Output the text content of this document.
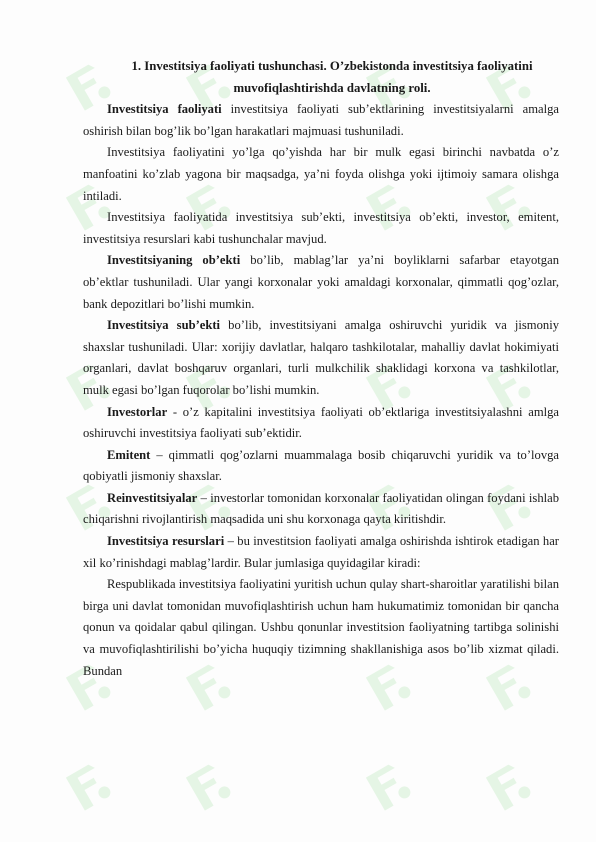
1. Investitsiya faoliyati tushunchasi. O’zbekistonda investitsiya faoliyatini
muvofiqlashtirishda davlatning roli.

Investitsiya faoliyati investitsiya faoliyati sub’ektlarining investitsiyalarni amalga oshirish bilan bog’lik bo’lgan harakatlari majmuasi tushuniladi.

Investitsiya faoliyatini yo’lga qo’yishda har bir mulk egasi birinchi navbatda o’z manfoatini ko’zlab yagona bir maqsadga, ya’ni foyda olishga yoki ijtimoiy samara olishga intiladi.

Investitsiya faoliyatida investitsiya sub’ekti, investitsiya ob’ekti, investor, emitent, investitsiya resurslari kabi tushunchalar mavjud.

Investitsiyaning ob’ekti bo’lib, mablag’lar ya’ni boyliklarni safarbar etayotgan ob’ektlar tushuniladi. Ular yangi korxonalar yoki amaldagi korxonalar, qimmatli qog’ozlar, bank depozitlari bo’lishi mumkin.

Investitsiya sub’ekti bo’lib, investitsiyani amalga oshiruvchi yuridik va jismoniy shaxslar tushuniladi. Ular: xorijiy davlatlar, halqaro tashkilotalar, mahalliy davlat hokimiyati organlari, davlat boshqaruv organlari, turli mulkchilik shaklidagi korxona va tashkilotlar, mulk egasi bo’lgan fuqorolar bo’lishi mumkin.

Investorlar - o’z kapitalini investitsiya faoliyati ob’ektlariga investitsiyalashni amlga oshiruvchi investitsiya faoliyati sub’ektidir.

Emitent – qimmatli qog’ozlarni muammalaga bosib chiqaruvchi yuridik va to’lovga qobiyatli jismoniy shaxslar.

Reinvestitsiyalar – investorlar tomonidan korxonalar faoliyatidan olingan foydani ishlab chiqarishni rivojlantirish maqsadida uni shu korxonaga qayta kiritishdir.

Investitsiya resurslari – bu investitsion faoliyati amalga oshirishda ishtirok etadigan har xil ko’rinishdagi mablag’lardir. Bular jumlasiga quyidagilar kiradi:

Respublikada investitsiya faoliyatini yuritish uchun qulay shart-sharoitlar yaratilishi bilan birga uni davlat tomonidan muvofiqlashtirish uchun ham hukumatimiz tomonidan bir qancha qonun va qoidalar qabul qilingan. Ushbu qonunlar investitsion faoliyatning tartibga solinishi va muvofiqlashtirilishi bo’yicha huquqiy tizimning shakllanishiga asos bo’lib xizmat qiladi. Bundan
